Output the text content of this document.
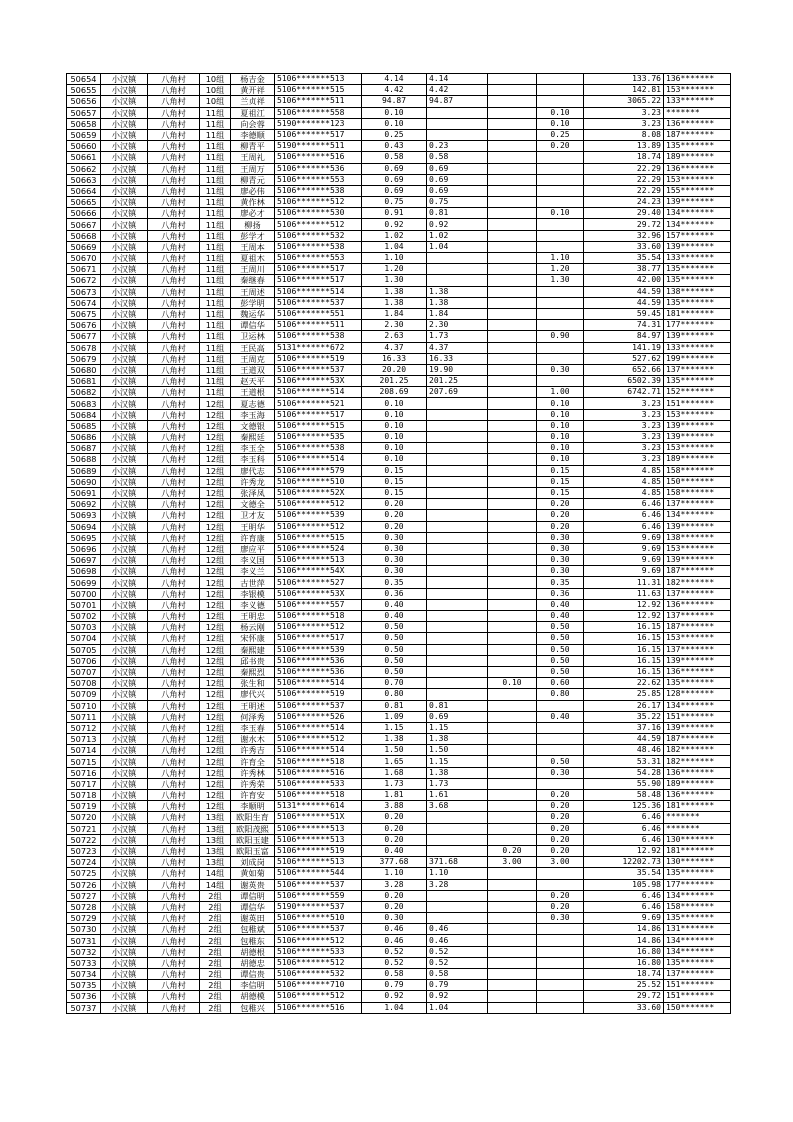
50654	小汉镇	八角村	10组	杨吉金	5106*******513	4.14	4.14			133.76	136*******
50655	小汉镇	八角村	10组	黄开祥	5106*******515	4.42	4.42			142.81	153*******
50656	小汉镇	八角村	10组	兰贞祥	5106*******511	94.87	94.87			3065.22	133*******
50657	小汉镇	八角村	11组	夏祖江	5106*******558	0.10			0.10	3.23	*******
50658	小汉镇	八角村	11组	向会蓉	5190*******123	0.10			0.10	3.23	136*******
50659	小汉镇	八角村	11组	李德顺	5106*******517	0.25			0.25	8.08	187*******
50660	小汉镇	八角村	11组	柳青平	5190*******511	0.43	0.23		0.20	13.89	135*******
50661	小汉镇	八角村	11组	王周礼	5106*******516	0.58	0.58			18.74	189*******
50662	小汉镇	八角村	11组	王周万	5106*******536	0.69	0.69			22.29	136*******
50663	小汉镇	八角村	11组	柳青元	5106*******553	0.69	0.69			22.29	153*******
50664	小汉镇	八角村	11组	廖必伟	5106*******538	0.69	0.69			22.29	155*******
50665	小汉镇	八角村	11组	黄作林	5106*******512	0.75	0.75			24.23	139*******
50666	小汉镇	八角村	11组	廖必才	5106*******530	0.91	0.81		0.10	29.40	134*******
50667	小汉镇	八角村	11组	柳扬	5106*******512	0.92	0.92			29.72	134*******
50668	小汉镇	八角村	11组	彭学才	5106*******532	1.02	1.02			32.96	157*******
50669	小汉镇	八角村	11组	王周本	5106*******538	1.04	1.04			33.60	139*******
50670	小汉镇	八角村	11组	夏祖木	5106*******553	1.10			1.10	35.54	133*******
50671	小汉镇	八角村	11组	王周川	5106*******517	1.20			1.20	38.77	135*******
50672	小汉镇	八角村	11组	秦继春	5106*******517	1.30			1.30	42.00	135*******
50673	小汉镇	八角村	11组	王周述	5106*******514	1.38	1.38			44.59	138*******
50674	小汉镇	八角村	11组	彭学明	5106*******537	1.38	1.38			44.59	135*******
50675	小汉镇	八角村	11组	魏运华	5106*******551	1.84	1.84			59.45	181*******
50676	小汉镇	八角村	11组	谭信华	5106*******511	2.30	2.30			74.31	177*******
50677	小汉镇	八角村	11组	卫运林	5106*******538	2.63	1.73		0.90	84.97	139*******
50678	小汉镇	八角村	11组	王民高	5131*******672	4.37	4.37			141.19	133*******
50679	小汉镇	八角村	11组	王周克	5106*******519	16.33	16.33			527.62	199*******
50680	小汉镇	八角村	11组	王道双	5106*******537	20.20	19.90		0.30	652.66	137*******
50681	小汉镇	八角村	11组	赵天平	5106*******53X	201.25	201.25			6502.39	135*******
50682	小汉镇	八角村	11组	王道根	5106*******514	208.69	207.69		1.00	6742.71	152*******
50683	小汉镇	八角村	12组	夏志德	5106*******521	0.10			0.10	3.23	151*******
50684	小汉镇	八角村	12组	李玉海	5106*******517	0.10			0.10	3.23	153*******
50685	小汉镇	八角村	12组	文德银	5106*******515	0.10			0.10	3.23	139*******
50686	小汉镇	八角村	12组	秦熙廷	5106*******535	0.10			0.10	3.23	139*******
50687	小汉镇	八角村	12组	李玉全	5106*******538	0.10			0.10	3.23	153*******
50688	小汉镇	八角村	12组	李玉科	5106*******514	0.10			0.10	3.23	189*******
50689	小汉镇	八角村	12组	廖代志	5106*******579	0.15			0.15	4.85	158*******
50690	小汉镇	八角村	12组	许秀龙	5106*******510	0.15			0.15	4.85	150*******
50691	小汉镇	八角村	12组	张泽凤	5106*******52X	0.15			0.15	4.85	158*******
50692	小汉镇	八角村	12组	文德全	5106*******512	0.20			0.20	6.46	137*******
50693	小汉镇	八角村	12组	卫才友	5106*******539	0.20			0.20	6.46	134*******
50694	小汉镇	八角村	12组	王明华	5106*******512	0.20			0.20	6.46	139*******
50695	小汉镇	八角村	12组	许育康	5106*******515	0.30			0.30	9.69	138*******
50696	小汉镇	八角村	12组	廖应平	5106*******524	0.30			0.30	9.69	153*******
50697	小汉镇	八角村	12组	李义国	5106*******513	0.30			0.30	9.69	139*******
50698	小汉镇	八角村	12组	李义兰	5106*******54X	0.30			0.30	9.69	187*******
50699	小汉镇	八角村	12组	古世萍	5106*******527	0.35			0.35	11.31	182*******
50700	小汉镇	八角村	12组	李银模	5106*******53X	0.36			0.36	11.63	137*******
50701	小汉镇	八角村	12组	李义德	5106*******557	0.40			0.40	12.92	136*******
50702	小汉镇	八角村	12组	王明忠	5106*******518	0.40			0.40	12.92	137*******
50703	小汉镇	八角村	12组	杨云刚	5106*******512	0.50			0.50	16.15	187*******
50704	小汉镇	八角村	12组	宋怀康	5106*******517	0.50			0.50	16.15	153*******
50705	小汉镇	八角村	12组	秦熙建	5106*******539	0.50			0.50	16.15	137*******
50706	小汉镇	八角村	12组	邱书贵	5106*******536	0.50			0.50	16.15	139*******
50707	小汉镇	八角村	12组	秦熙烈	5106*******536	0.50			0.50	16.15	136*******
50708	小汉镇	八角村	12组	张生和	5106*******514	0.70		0.10	0.60	22.62	135*******
50709	小汉镇	八角村	12组	廖代兴	5106*******519	0.80			0.80	25.85	128*******
50710	小汉镇	八角村	12组	王明述	5106*******537	0.81	0.81			26.17	134*******
50711	小汉镇	八角村	12组	何泽秀	5106*******526	1.09	0.69		0.40	35.22	151*******
50712	小汉镇	八角村	12组	李玉春	5106*******514	1.15	1.15			37.16	139*******
50713	小汉镇	八角村	12组	谢水木	5106*******512	1.38	1.38			44.59	187*******
50714	小汉镇	八角村	12组	许秀吉	5106*******514	1.50	1.50			48.46	182*******
50715	小汉镇	八角村	12组	许育全	5106*******518	1.65	1.15		0.50	53.31	182*******
50716	小汉镇	八角村	12组	许秀林	5106*******516	1.68	1.38		0.30	54.28	136*******
50717	小汉镇	八角村	12组	许秀荣	5106*******533	1.73	1.73			55.90	189*******
50718	小汉镇	八角村	12组	许育安	5106*******518	1.81	1.61		0.20	58.48	136*******
50719	小汉镇	八角村	12组	李顺明	5131*******614	3.88	3.68		0.20	125.36	181*******
50720	小汉镇	八角村	13组	欧阳生育	5106*******51X	0.20			0.20	6.46	*******
50721	小汉镇	八角村	13组	欧阳茂熙	5106*******513	0.20			0.20	6.46	*******
50722	小汉镇	八角村	13组	欧阳玉建	5106*******513	0.20			0.20	6.46	130*******
50723	小汉镇	八角村	13组	欧阳玉富	5106*******519	0.40		0.20	0.20	12.92	181*******
50724	小汉镇	八角村	13组	刘成岗	5106*******513	377.68	371.68	3.00	3.00	12202.73	130*******
50725	小汉镇	八角村	14组	黄如菊	5106*******544	1.10	1.10			35.54	135*******
50726	小汉镇	八角村	14组	谢英贵	5106*******537	3.28	3.28			105.98	177*******
50727	小汉镇	八角村	2组	谭信明	5106*******559	0.20			0.20	6.46	134*******
50728	小汉镇	八角村	2组	谭信华	5190*******537	0.20			0.20	6.46	158*******
50729	小汉镇	八角村	2组	谢英田	5106*******510	0.30			0.30	9.69	135*******
50730	小汉镇	八角村	2组	包稚斌	5106*******537	0.46	0.46			14.86	131*******
50731	小汉镇	八角村	2组	包稚东	5106*******512	0.46	0.46			14.86	134*******
50732	小汉镇	八角村	2组	胡德根	5106*******533	0.52	0.52			16.80	134*******
50733	小汉镇	八角村	2组	胡德忠	5106*******512	0.52	0.52			16.80	135*******
50734	小汉镇	八角村	2组	谭信贵	5106*******532	0.58	0.58			18.74	137*******
50735	小汉镇	八角村	2组	李信明	5106*******710	0.79	0.79			25.52	151*******
50736	小汉镇	八角村	2组	胡德模	5106*******512	0.92	0.92			29.72	151*******
50737	小汉镇	八角村	2组	包稚兴	5106*******516	1.04	1.04			33.60	150*******
